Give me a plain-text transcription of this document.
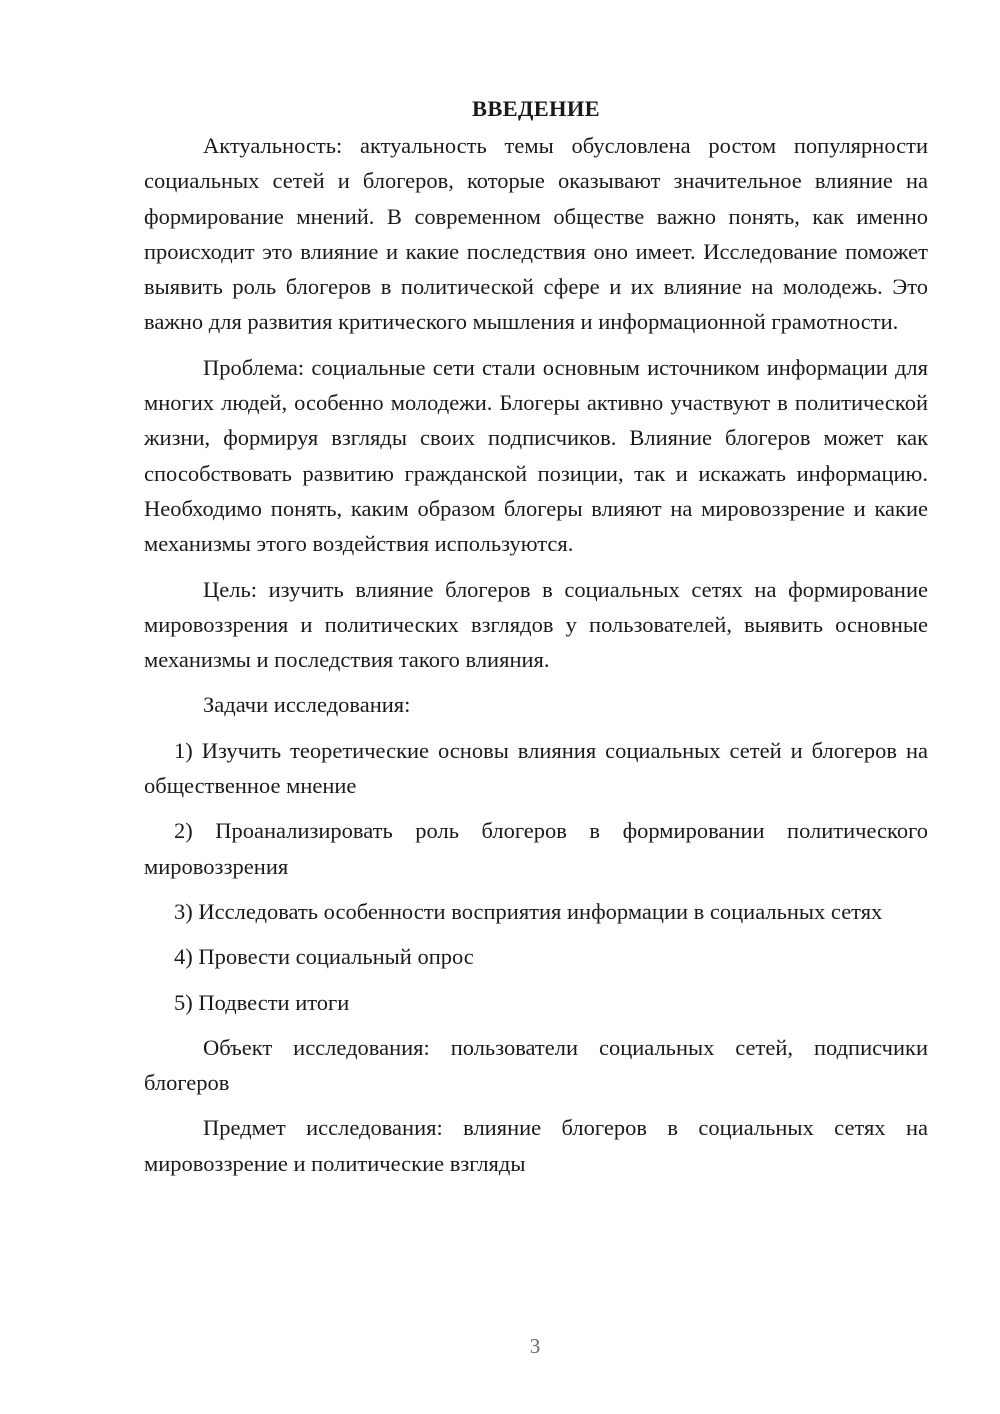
ВВЕДЕНИЕ

Актуальность: актуальность темы обусловлена ростом популярности социальных сетей и блогеров, которые оказывают значительное влияние на формирование мнений. В современном обществе важно понять, как именно происходит это влияние и какие последствия оно имеет. Исследование поможет выявить роль блогеров в политической сфере и их влияние на молодежь. Это важно для развития критического мышления и информационной грамотности.

Проблема: социальные сети стали основным источником информации для многих людей, особенно молодежи. Блогеры активно участвуют в политической жизни, формируя взгляды своих подписчиков. Влияние блогеров может как способствовать развитию гражданской позиции, так и искажать информацию. Необходимо понять, каким образом блогеры влияют на мировоззрение и какие механизмы этого воздействия используются.

Цель: изучить влияние блогеров в социальных сетях на формирование мировоззрения и политических взглядов у пользователей, выявить основные механизмы и последствия такого влияния.

Задачи исследования:

1) Изучить теоретические основы влияния социальных сетей и блогеров на общественное мнение

2) Проанализировать роль блогеров в формировании политического мировоззрения

3) Исследовать особенности восприятия информации в социальных сетях

4) Провести социальный опрос

5) Подвести итоги

Объект исследования: пользователи социальных сетей, подписчики блогеров

Предмет исследования: влияние блогеров в социальных сетях на мировоззрение и политические взгляды

3
